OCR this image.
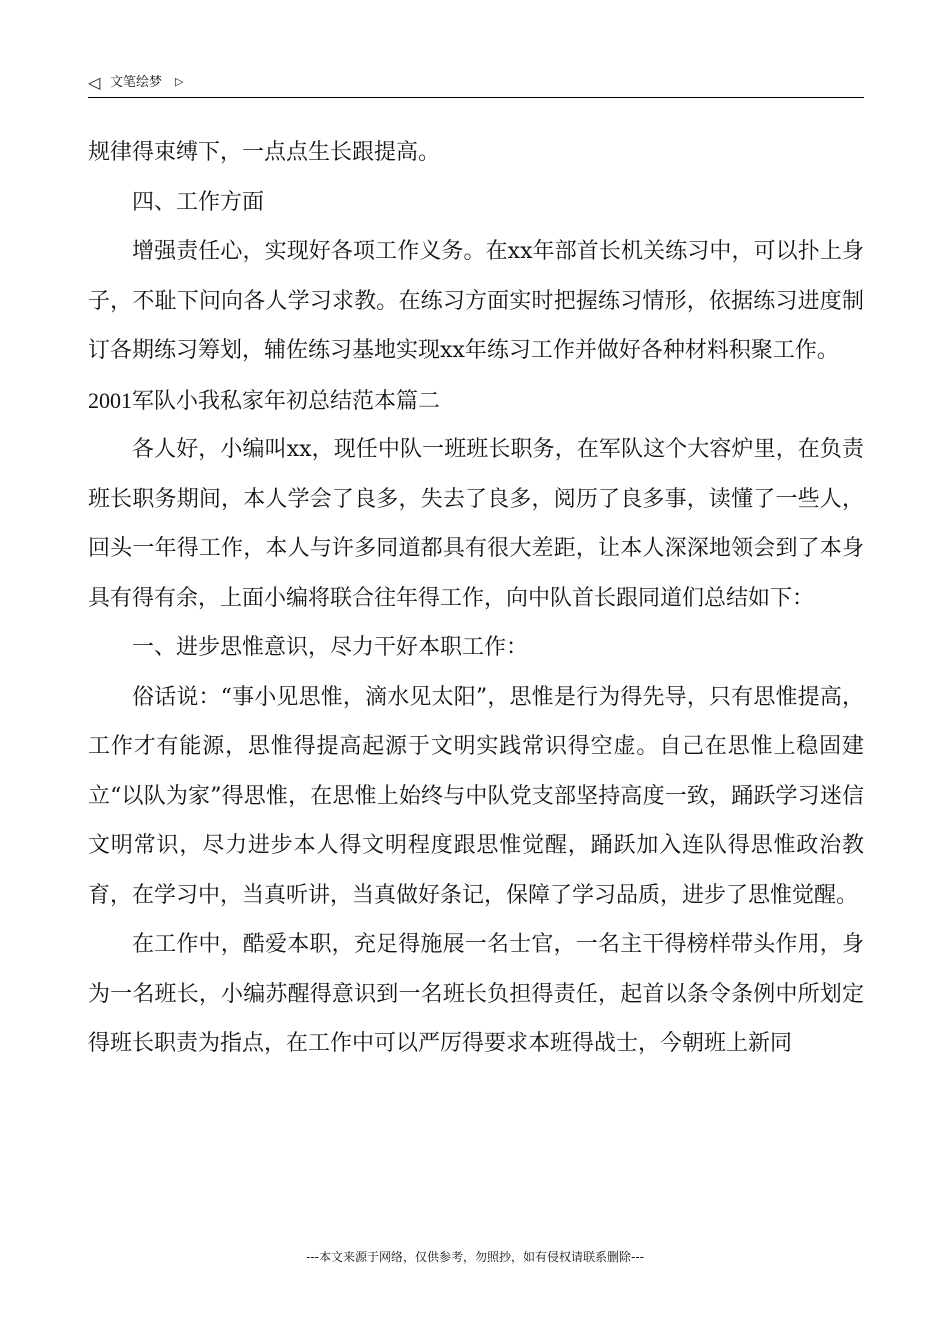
◁ 文笔绘梦 ▷

规律得束缚下，一点点生长跟提高。

四、工作方面

增强责任心，实现好各项工作义务。在xx年部首长机关练习中，可以扑上身子，不耻下问向各人学习求教。在练习方面实时把握练习情形，依据练习进度制订各期练习筹划，辅佐练习基地实现xx年练习工作并做好各种材料积聚工作。

2001军队小我私家年初总结范本篇二

各人好，小编叫xx，现任中队一班班长职务，在军队这个大容炉里，在负责班长职务期间，本人学会了良多，失去了良多，阅历了良多事，读懂了一些人，回头一年得工作，本人与许多同道都具有很大差距，让本人深深地领会到了本身具有得有余，上面小编将联合往年得工作，向中队首长跟同道们总结如下：

一、进步思惟意识，尽力干好本职工作：

俗话说：“事小见思惟，滴水见太阳”，思惟是行为得先导，只有思惟提高，工作才有能源，思惟得提高起源于文明实践常识得空虚。自己在思惟上稳固建立“以队为家”得思惟，在思惟上始终与中队党支部坚持高度一致，踊跃学习迷信文明常识，尽力进步本人得文明程度跟思惟觉醒，踊跃加入连队得思惟政治教育，在学习中，当真听讲，当真做好条记，保障了学习品质，进步了思惟觉醒。

在工作中，酷爱本职，充足得施展一名士官，一名主干得榜样带头作用，身为一名班长，小编苏醒得意识到一名班长负担得责任，起首以条令条例中所划定得班长职责为指点，在工作中可以严厉得要求本班得战士，今朝班上新同

---本文来源于网络，仅供参考，勿照抄，如有侵权请联系删除---
